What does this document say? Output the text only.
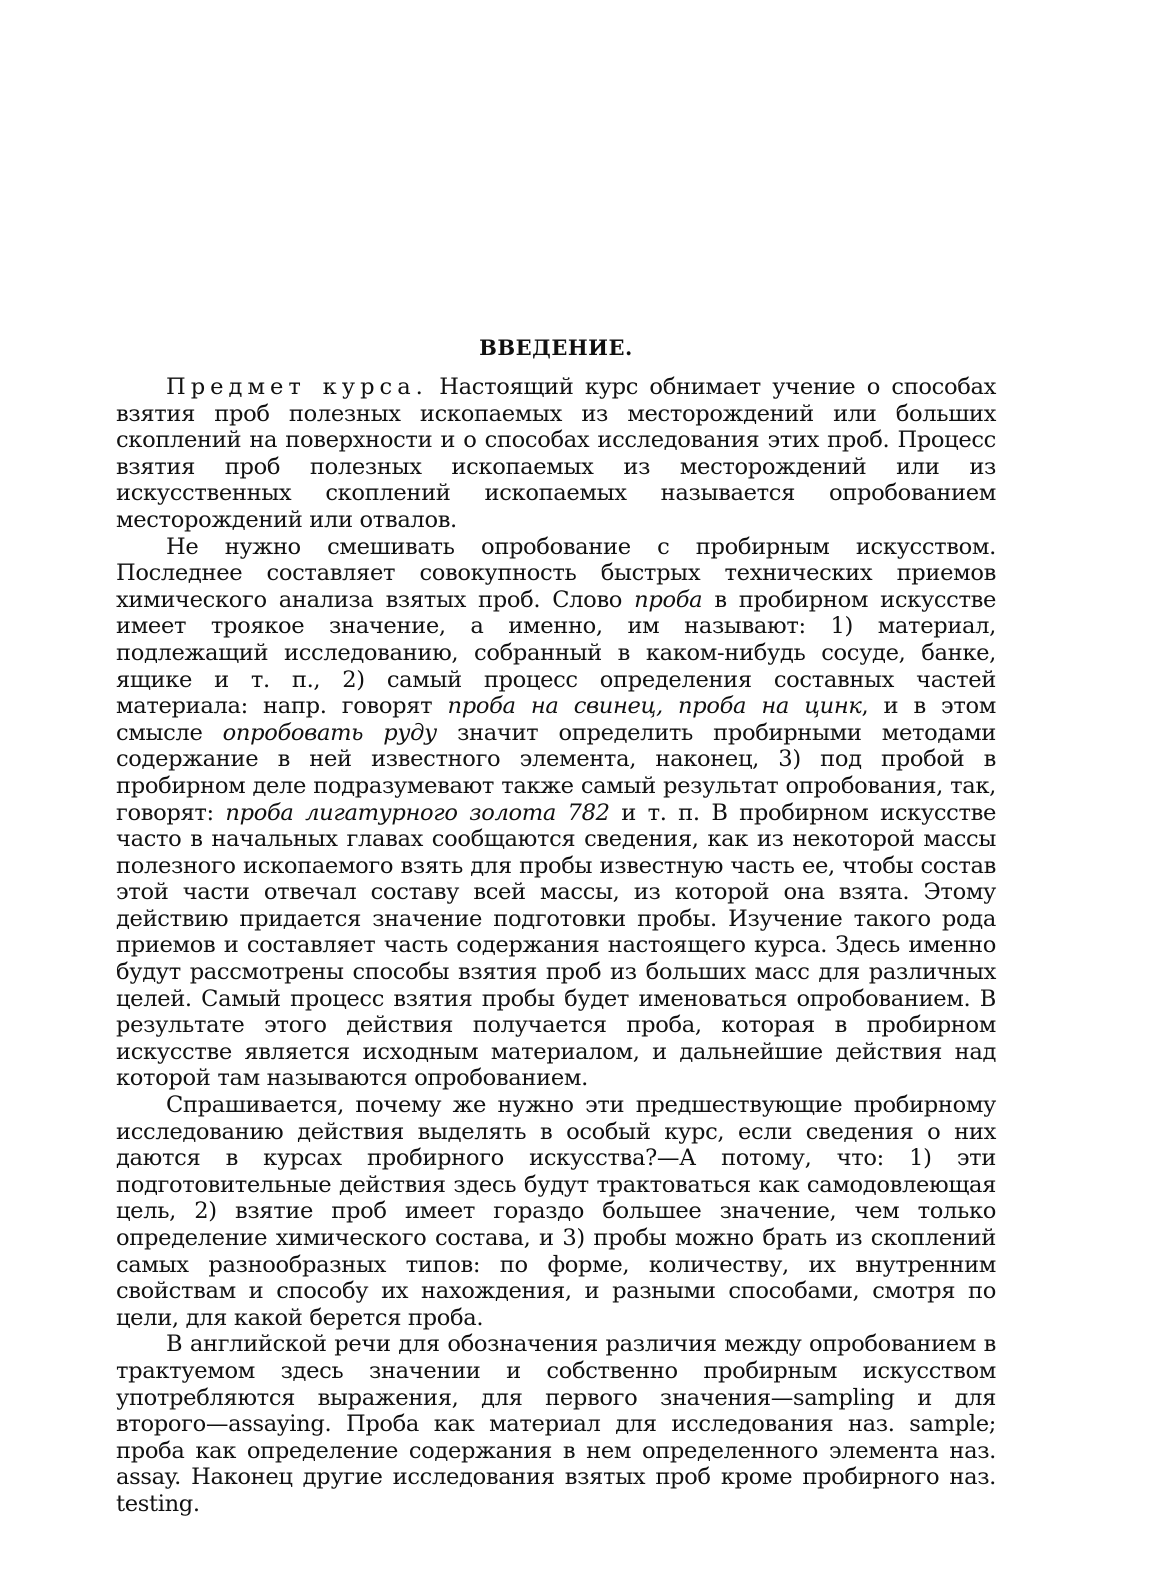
ВВЕДЕНИЕ.

Предмет курса. Настоящий курс обнимает учение о способах взятия проб полезных ископаемых из месторождений или больших скоплений на поверхности и о способах исследования этих проб. Процесс взятия проб полезных ископаемых из месторождений или из искусственных скоплений ископаемых называется опробованием месторождений или отвалов.

Не нужно смешивать опробование с пробирным искусством. Последнее составляет совокупность быстрых технических приемов химического анализа взятых проб. Слово проба в пробирном искусстве имеет троякое значение, а именно, им называют: 1) материал, подлежащий исследованию, собранный в каком-нибудь сосуде, банке, ящике и т. п., 2) самый процесс определения составных частей материала: напр. говорят проба на свинец, проба на цинк, и в этом смысле опробовать руду значит определить пробирными методами содержание в ней известного элемента, наконец, 3) под пробой в пробирном деле подразумевают также самый результат опробования, так, говорят: проба лигатурного золота 782 и т. п. В пробирном искусстве часто в начальных главах сообщаются сведения, как из некоторой массы полезного ископаемого взять для пробы известную часть ее, чтобы состав этой части отвечал составу всей массы, из которой она взята. Этому действию придается значение подготовки пробы. Изучение такого рода приемов и составляет часть содержания настоящего курса. Здесь именно будут рассмотрены способы взятия проб из больших масс для различных целей. Самый процесс взятия пробы будет именоваться опробованием. В результате этого действия получается проба, которая в пробирном искусстве является исходным материалом, и дальнейшие действия над которой там называются опробованием.

Спрашивается, почему же нужно эти предшествующие пробирному исследованию действия выделять в особый курс, если сведения о них даются в курсах пробирного искусства?—А потому, что: 1) эти подготовительные действия здесь будут трактоваться как самодовлеющая цель, 2) взятие проб имеет гораздо большее значение, чем только определение химического состава, и 3) пробы можно брать из скоплений самых разнообразных типов: по форме, количеству, их внутренним свойствам и способу их нахождения, и разными способами, смотря по цели, для какой берется проба.

В английской речи для обозначения различия между опробованием в трактуемом здесь значении и собственно пробирным искусством употребляются выражения, для первого значения—sampling и для второго—assaying. Проба как материал для исследования наз. sample; проба как определение содержания в нем определенного элемента наз. assay. Наконец другие исследования взятых проб кроме пробирного наз. testing.
